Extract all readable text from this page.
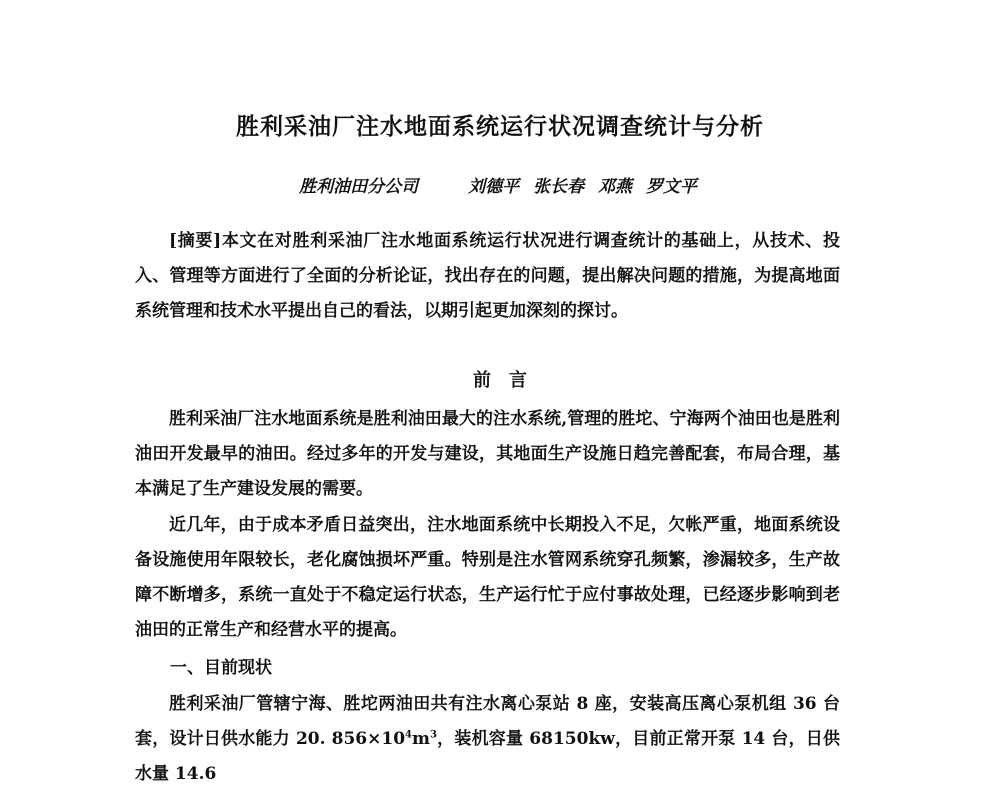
胜利采油厂注水地面系统运行状况调查统计与分析
胜利油田分公司	刘德平 张长春 邓燕 罗文平

[摘要]本文在对胜利采油厂注水地面系统运行状况进行调查统计的基础上，从技术、投入、管理等方面进行了全面的分析论证，找出存在的问题，提出解决问题的措施，为提高地面系统管理和技术水平提出自己的看法，以期引起更加深刻的探讨。

前言

胜利采油厂注水地面系统是胜利油田最大的注水系统,管理的胜坨、宁海两个油田也是胜利油田开发最早的油田。经过多年的开发与建设，其地面生产设施日趋完善配套，布局合理，基本满足了生产建设发展的需要。

近几年，由于成本矛盾日益突出，注水地面系统中长期投入不足，欠帐严重，地面系统设备设施使用年限较长，老化腐蚀损坏严重。特别是注水管网系统穿孔频繁，渗漏较多，生产故障不断增多，系统一直处于不稳定运行状态，生产运行忙于应付事故处理，已经逐步影响到老油田的正常生产和经营水平的提高。

一、目前现状

胜利采油厂管辖宁海、胜坨两油田共有注水离心泵站 8 座，安装高压离心泵机组 36 台套，设计日供水能力 20. $856\times 10^4m^3$，装机容量 68150kw，目前正常开泵 14 台，日供水量 14.6
